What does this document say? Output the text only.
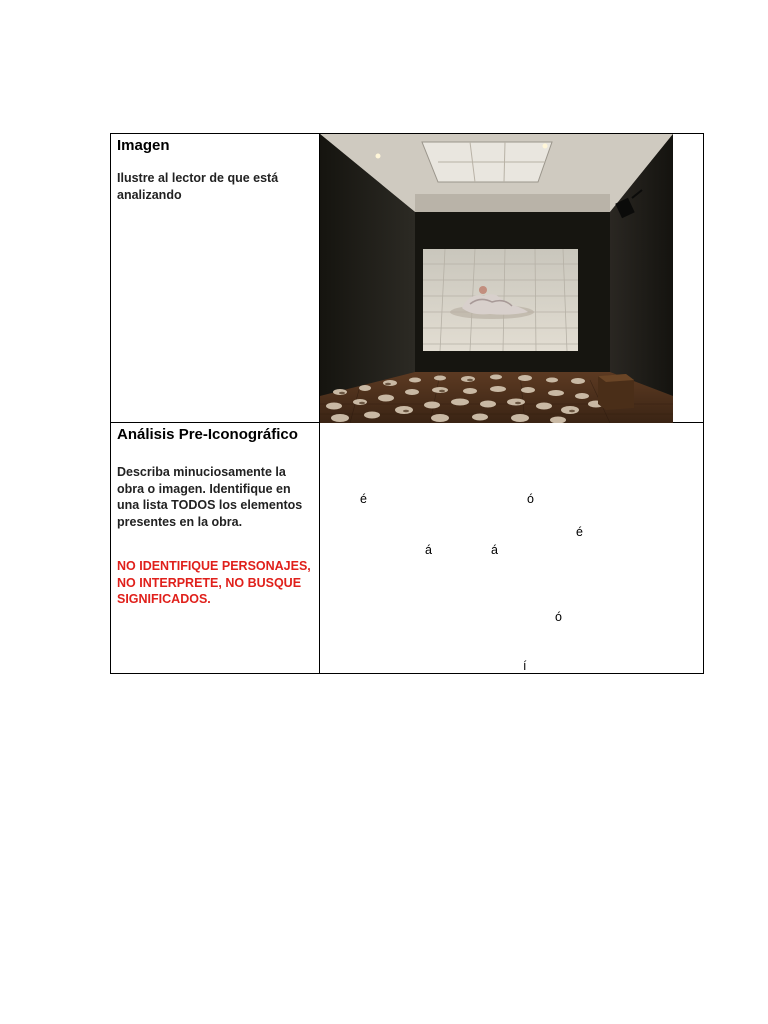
Imagen

Ilustre al lector de que está

analizando

Análisis Pre-Iconográfico

Describa minuciosamente la

obra o imagen. Identifique en

una lista TODOS los elementos

presentes en la obra.

NO IDENTIFIQUE PERSONAJES,

NO INTERPRETE, NO BUSQUE

SIGNIFICADOS.

é	ó
é
á	á
ó
í
